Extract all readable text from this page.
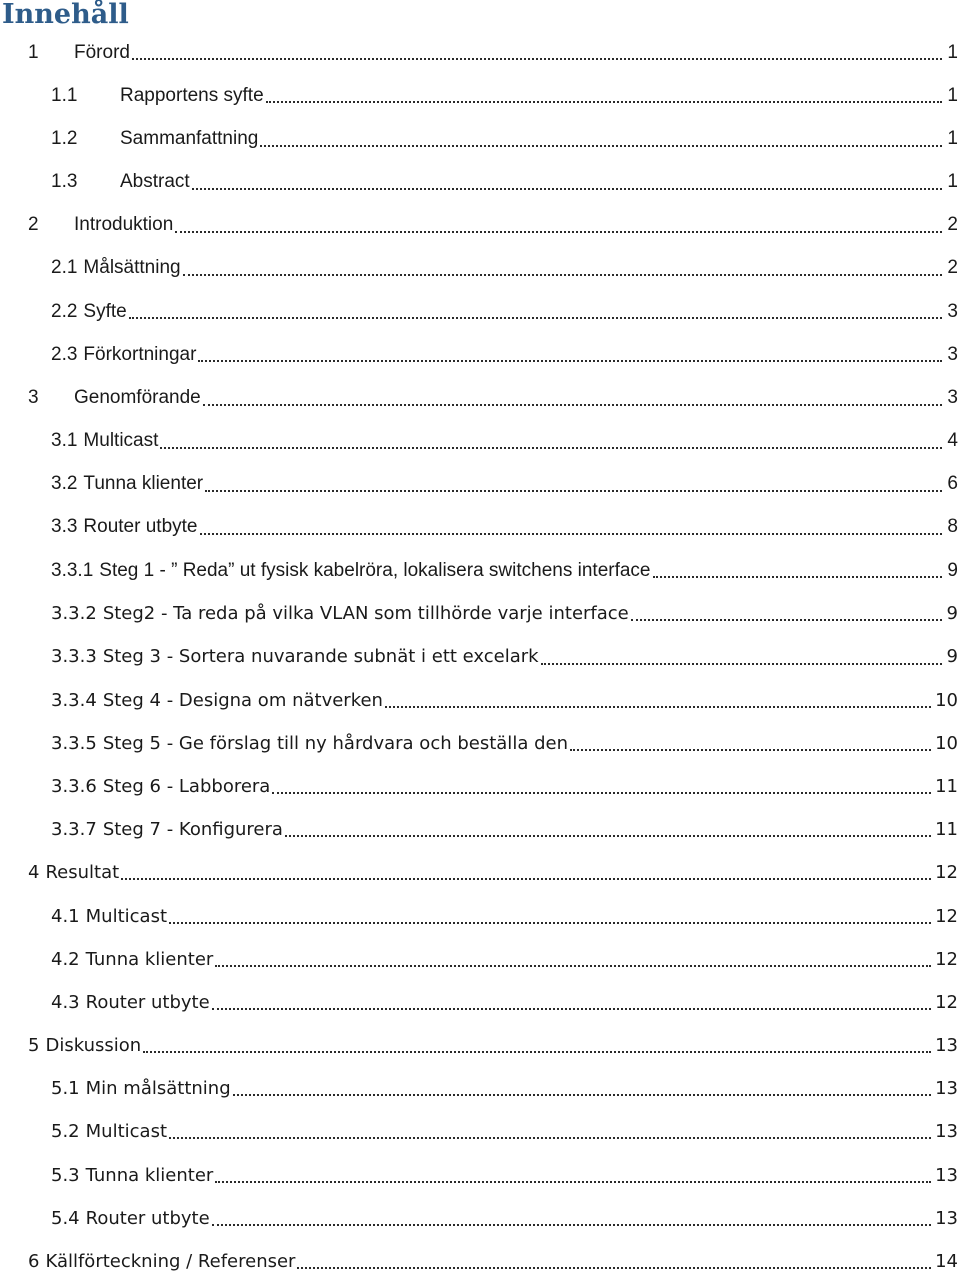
Innehåll
1	Förord	1
1.1	Rapportens syfte	1
1.2	Sammanfattning	1
1.3	Abstract	1
2	Introduktion	2
2.1 Målsättning	2
2.2 Syfte	3
2.3 Förkortningar	3
3	Genomförande	3
3.1 Multicast	4
3.2 Tunna klienter	6
3.3 Router utbyte	8
3.3.1 Steg 1 - ” Reda” ut fysisk kabelröra, lokalisera switchens interface	9
3.3.2 Steg2 - Ta reda på vilka VLAN som tillhörde varje interface	9
3.3.3 Steg 3 - Sortera nuvarande subnät i ett excelark	9
3.3.4 Steg 4 - Designa om nätverken	10
3.3.5 Steg 5 - Ge förslag till ny hårdvara och beställa den	10
3.3.6 Steg 6 - Labborera	11
3.3.7 Steg 7 - Konfigurera	11
4 Resultat	12
4.1 Multicast	12
4.2 Tunna klienter	12
4.3 Router utbyte	12
5 Diskussion	13
5.1 Min målsättning	13
5.2 Multicast	13
5.3 Tunna klienter	13
5.4 Router utbyte	13
6 Källförteckning / Referenser	14
